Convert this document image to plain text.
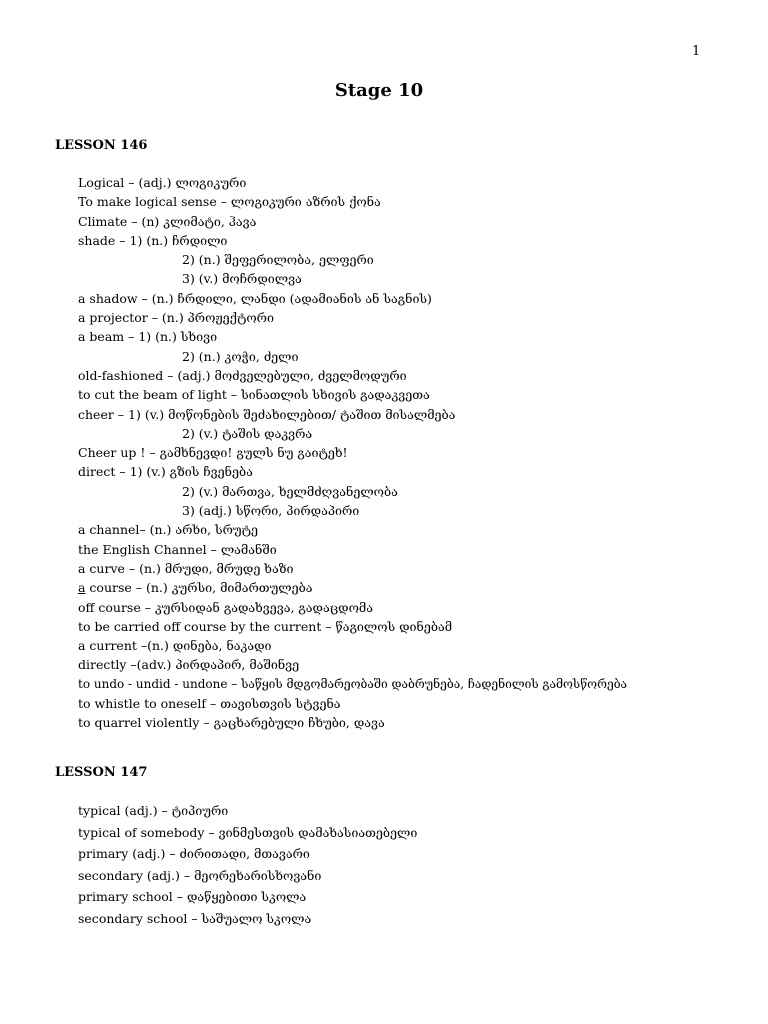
1
Stage 10
LESSON 146
Logical – (adj.) ლოგიკური
To make logical sense – ლოგიკური აზრის ქონა
Climate – (n) კლიმატი, ჰავა
shade – 1) (n.) ჩრდილი
2) (n.) შეფერილობა, ელფერი
3) (v.) მოჩრდილვა
a shadow – (n.) ჩრდილი, ლანდი (ადამიანის ან საგნის)
a projector – (n.) პროჟექტორი
a beam – 1) (n.) სხივი
2) (n.) კოჭი, ძელი
old-fashioned – (adj.) მოძველებული, ძველმოდური
to cut the beam of light – სინათლის სხივის გადაკვეთა
cheer – 1) (v.) მოწონების შეძახილებით/ ტაშით მისალმება
2) (v.) ტაშის დაკვრა
Cheer up ! – გამხნევდი! გულს ნუ გაიტეხ!
direct – 1) (v.) გზის ჩვენება
2) (v.) მართვა, ხელმძღვანელობა
3) (adj.) სწორი, პირდაპირი
a channel– (n.) არხი, სრუტე
the English Channel – ლამანში
a curve – (n.) მრუდი, მრუდე ხაზი
a course – (n.) კურსი, მიმართულება
off course – კურსიდან გადახვევა, გადაცდომა
to be carried off course by the current – წაგილოს დინებამ
a current –(n.) დინება, ნაკადი
directly –(adv.) პირდაპირ, მაშინვე
to undo - undid - undone – საწყის მდგომარეობაში დაბრუნება, ჩადენილის გამოსწორება
to whistle to oneself – თავისთვის სტვენა
to quarrel violently – გაცხარებული ჩხუბი, დავა
LESSON 147
typical (adj.) – ტიპიური
typical of somebody – ვინმესთვის დამახასიათებელი
primary (adj.) – ძირითადი, მთავარი
secondary (adj.) – მეორეხარისხოვანი
primary school – დაწყებითი სკოლა
secondary school – საშუალო სკოლა
